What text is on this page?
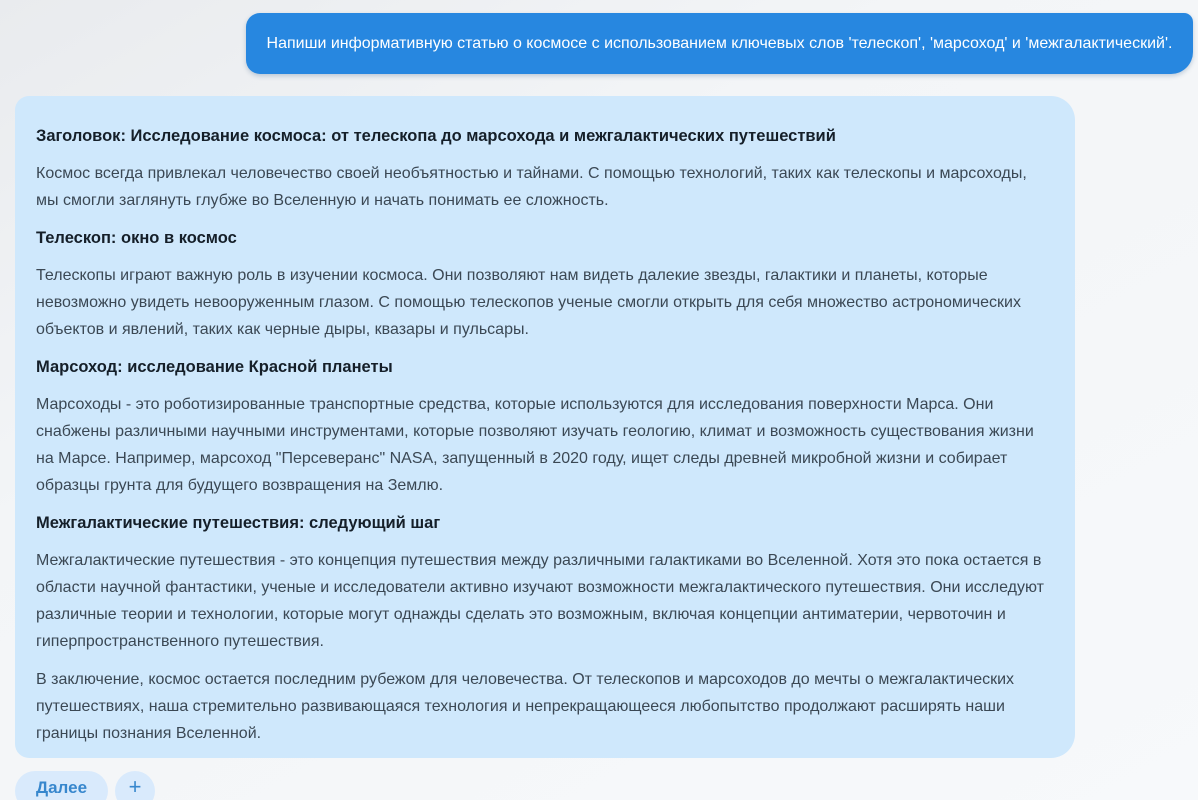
Напиши информативную статью о космосе с использованием ключевых слов 'телескоп', 'марсоход' и 'межгалактический'.
Заголовок: Исследование космоса: от телескопа до марсохода и межгалактических путешествий

Космос всегда привлекал человечество своей необъятностью и тайнами. С помощью технологий, таких как телескопы и марсоходы, мы смогли заглянуть глубже во Вселенную и начать понимать ее сложность.

Телескоп: окно в космос

Телескопы играют важную роль в изучении космоса. Они позволяют нам видеть далекие звезды, галактики и планеты, которые невозможно увидеть невооруженным глазом. С помощью телескопов ученые смогли открыть для себя множество астрономических объектов и явлений, таких как черные дыры, квазары и пульсары.

Марсоход: исследование Красной планеты

Марсоходы - это роботизированные транспортные средства, которые используются для исследования поверхности Марса. Они снабжены различными научными инструментами, которые позволяют изучать геологию, климат и возможность существования жизни на Марсе. Например, марсоход "Персеверанс" NASA, запущенный в 2020 году, ищет следы древней микробной жизни и собирает образцы грунта для будущего возвращения на Землю.

Межгалактические путешествия: следующий шаг

Межгалактические путешествия - это концепция путешествия между различными галактиками во Вселенной. Хотя это пока остается в области научной фантастики, ученые и исследователи активно изучают возможности межгалактического путешествия. Они исследуют различные теории и технологии, которые могут однажды сделать это возможным, включая концепции антиматерии, червоточин и гиперпространственного путешествия.

В заключение, космос остается последним рубежом для человечества. От телескопов и марсоходов до мечты о межгалактических путешествиях, наша стремительно развивающаяся технология и непрекращающееся любопытство продолжают расширять наши границы познания Вселенной.

Далее	+
